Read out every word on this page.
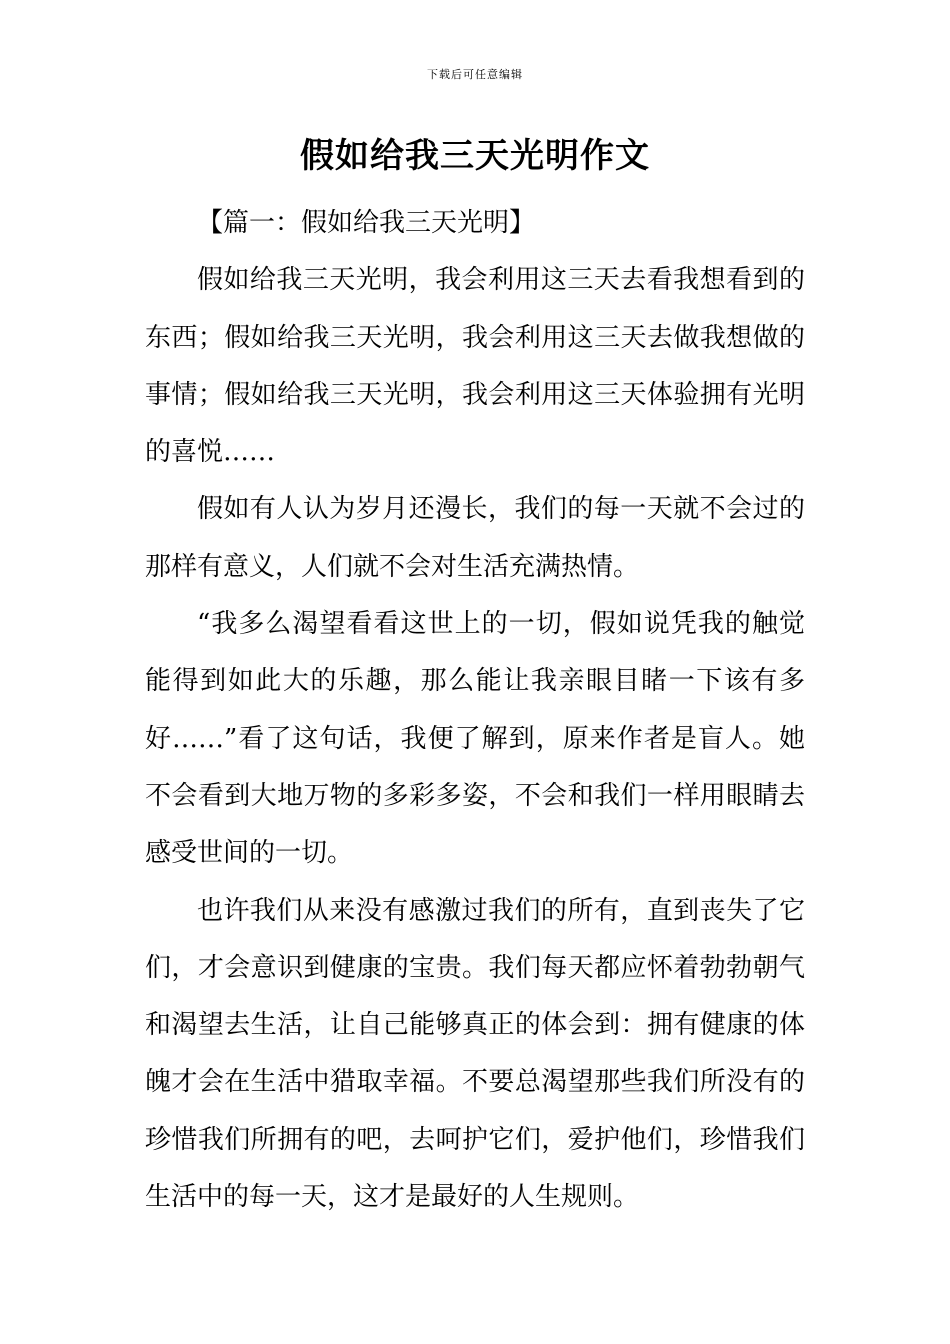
下载后可任意编辑
假如给我三天光明作文

【篇一：假如给我三天光明】

假如给我三天光明，我会利用这三天去看我想看到的东西；假如给我三天光明，我会利用这三天去做我想做的事情；假如给我三天光明，我会利用这三天体验拥有光明的喜悦……

假如有人认为岁月还漫长，我们的每一天就不会过的那样有意义，人们就不会对生活充满热情。

“我多么渴望看看这世上的一切，假如说凭我的触觉能得到如此大的乐趣，那么能让我亲眼目睹一下该有多好……”看了这句话，我便了解到，原来作者是盲人。她不会看到大地万物的多彩多姿，不会和我们一样用眼睛去感受世间的一切。

也许我们从来没有感激过我们的所有，直到丧失了它们，才会意识到健康的宝贵。我们每天都应怀着勃勃朝气和渴望去生活，让自己能够真正的体会到：拥有健康的体魄才会在生活中猎取幸福。不要总渴望那些我们所没有的珍惜我们所拥有的吧，去呵护它们，爱护他们，珍惜我们生活中的每一天，这才是最好的人生规则。
